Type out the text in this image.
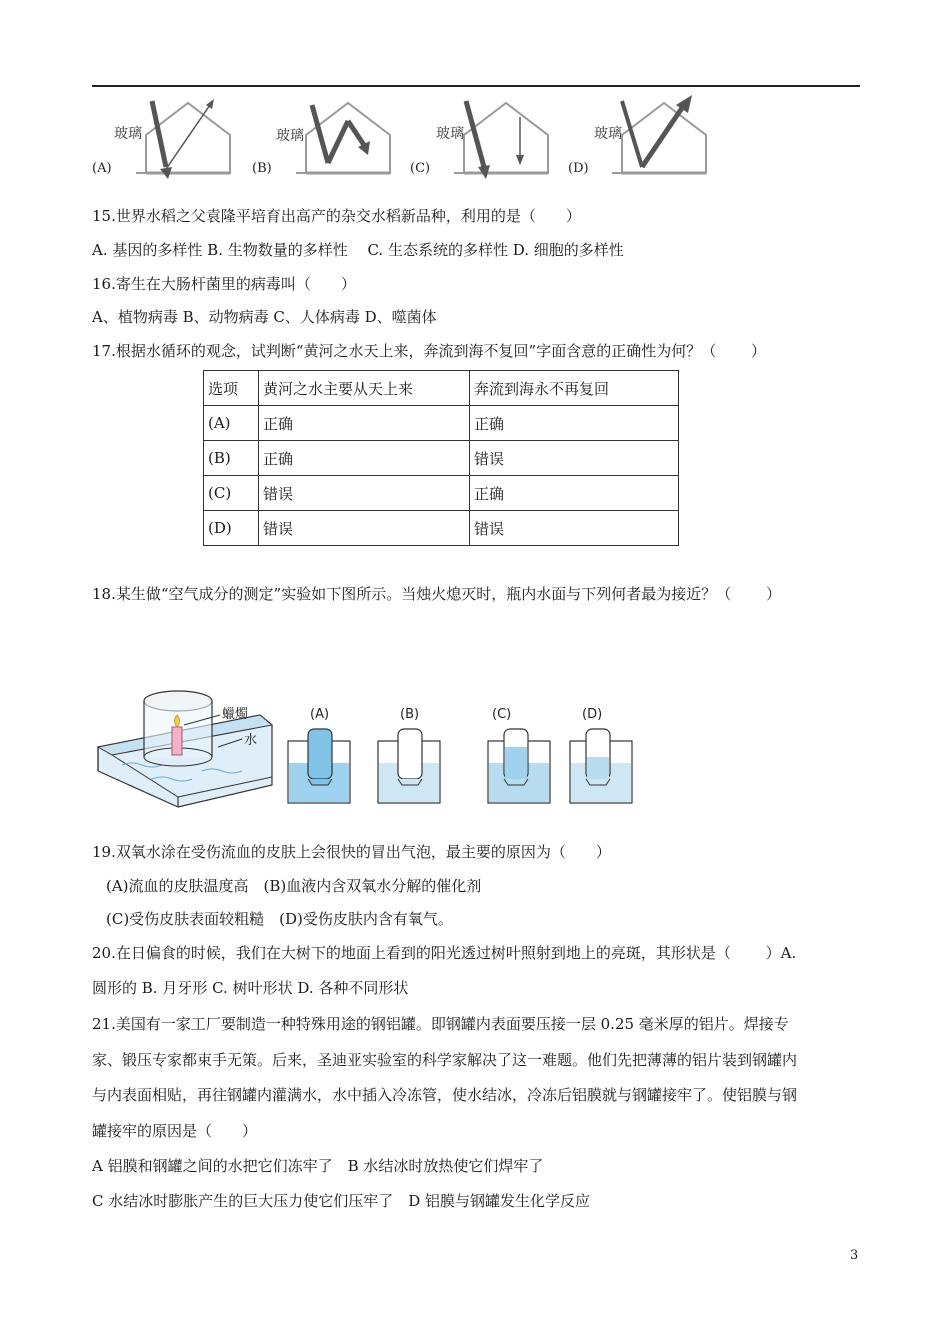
玻璃
(A)
玻璃
(B)
玻璃
(C)
玻璃
(D)
15.世界水稻之父袁隆平培育出高产的杂交水稻新品种，利用的是（　　）
A. 基因的多样性 B. 生物数量的多样性　 C. 生态系统的多样性 D. 细胞的多样性
16.寄生在大肠杆菌里的病毒叫（　　）
A、植物病毒 B、动物病毒 C、人体病毒 D、噬菌体
17.根据水循环的观念，试判断“黄河之水天上来，奔流到海不复回”字面含意的正确性为何？（　　 ）
选项	黄河之水主要从天上来	奔流到海永不再复回
(A)	正确	正确
(B)	正确	错误
(C)	错误	正确
(D)	错误	错误
18.某生做“空气成分的测定”实验如下图所示。当烛火熄灭时，瓶内水面与下列何者最为接近？（　　 ）
蠟燭
水
(A)	(B)	(C)	(D)
19.双氧水涂在受伤流血的皮肤上会很快的冒出气泡，最主要的原因为（　　）
(A)流血的皮肤温度高　(B)血液内含双氧水分解的催化剂
(C)受伤皮肤表面较粗糙　(D)受伤皮肤内含有氧气。
20.在日偏食的时候，我们在大树下的地面上看到的阳光透过树叶照射到地上的亮斑，其形状是（　　 ）A.
圆形的 B. 月牙形 C. 树叶形状 D. 各种不同形状
21.美国有一家工厂要制造一种特殊用途的钢铝罐。即钢罐内表面要压接一层 0.25 毫米厚的铝片。焊接专
家、锻压专家都束手无策。后来，圣迪亚实验室的科学家解决了这一难题。他们先把薄薄的铝片装到钢罐内
与内表面相贴，再往钢罐内灌满水，水中插入冷冻管，使水结冰，冷冻后铝膜就与钢罐接牢了。使铝膜与钢
罐接牢的原因是（　　）
A 铝膜和钢罐之间的水把它们冻牢了　B 水结冰时放热使它们焊牢了
C 水结冰时膨胀产生的巨大压力使它们压牢了　D 铝膜与钢罐发生化学反应
3
